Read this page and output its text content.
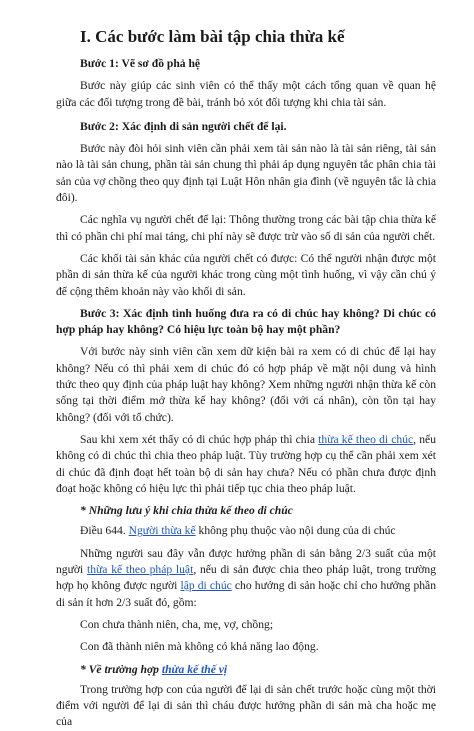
I. Các bước làm bài tập chia thừa kế
Bước 1: Vẽ sơ đồ phả hệ

Bước này giúp các sinh viên có thể thấy một cách tổng quan về quan hệ giữa các đối tượng trong đề bài, tránh bỏ xót đối tượng khi chia tài sản.

Bước 2: Xác định di sản người chết để lại.

Bước này đòi hỏi sinh viên cần phải xem tài sản nào là tài sản riêng, tài sản nào là tài sản chung, phần tài sản chung thì phải áp dụng nguyên tắc phân chia tài sản của vợ chồng theo quy định tại Luật Hôn nhân gia đình (về nguyên tắc là chia đôi).

Các nghĩa vụ người chết để lại: Thông thường trong các bài tập chia thừa kế thì có phần chi phí mai táng, chi phí này sẽ được trừ vào số di sản của người chết.

Các khối tài sản khác của người chết có được: Có thể người nhận được một phần di sản thừa kế của người khác trong cùng một tình huống, vì vậy cần chú ý để cộng thêm khoản này vào khối di sản.

Bước 3: Xác định tình huống đưa ra có di chúc hay không? Di chúc có hợp pháp hay không? Có hiệu lực toàn bộ hay một phần?

Với bước này sinh viên cần xem dữ kiện bài ra xem có di chúc để lại hay không? Nếu có thì phải xem di chúc đó có hợp pháp về mặt nội dung và hình thức theo quy định của pháp luật hay không? Xem những người nhận thừa kế còn sống tại thời điểm mở thừa kế hay không? (đối với cá nhân), còn tồn tại hay không? (đối với tổ chức).

Sau khi xem xét thấy có di chúc hợp pháp thì chia thừa kế theo di chúc, nếu không có di chúc thì chia theo pháp luật. Tùy trường hợp cụ thể cần phải xem xét di chúc đã định đoạt hết toàn bộ di sản hay chưa? Nếu có phần chưa được định đoạt hoặc không có hiệu lực thì phải tiếp tục chia theo pháp luật.

* Những lưu ý khi chia thừa kế theo di chúc
Điều 644. Người thừa kế không phụ thuộc vào nội dung của di chúc

Những người sau đây vẫn được hưởng phần di sản bằng 2/3 suất của một người thừa kế theo pháp luật, nếu di sản được chia theo pháp luật, trong trường hợp họ không được người lập di chúc cho hưởng di sản hoặc chỉ cho hưởng phần di sản ít hơn 2/3 suất đó, gồm:

Con chưa thành niên, cha, mẹ, vợ, chồng;
Con đã thành niên mà không có khả năng lao động.
* Về trường hợp thừa kế thế vị

Trong trường hợp con của người để lại di sản chết trước hoặc cùng một thời điểm với người để lại di sản thì cháu được hưởng phần di sản mà cha hoặc mẹ của
